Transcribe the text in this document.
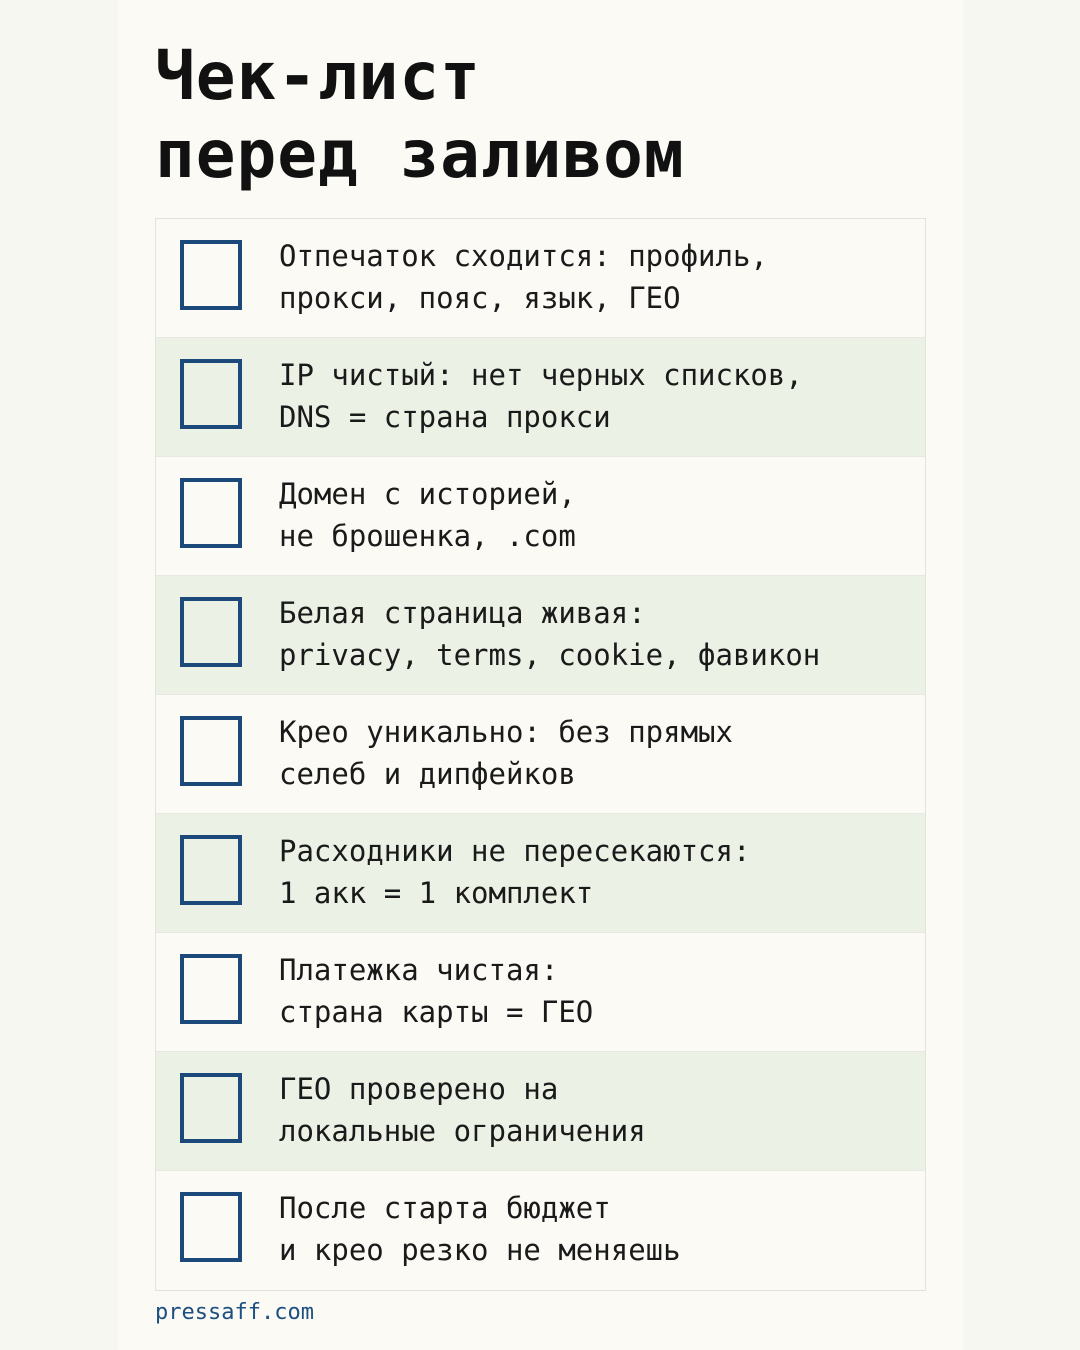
Чек-лист
перед заливом
Отпечаток сходится: профиль,
прокси, пояс, язык, ГЕО
IP чистый: нет черных списков,
DNS = страна прокси
Домен с историей,
не брошенка, .com
Белая страница живая:
privacy, terms, cookie, фавикон
Крео уникально: без прямых
селеб и дипфейков
Расходники не пересекаются:
1 акк = 1 комплект
Платежка чистая:
страна карты = ГЕО
ГЕО проверено на
локальные ограничения
После старта бюджет
и крео резко не меняешь
pressaff.com
